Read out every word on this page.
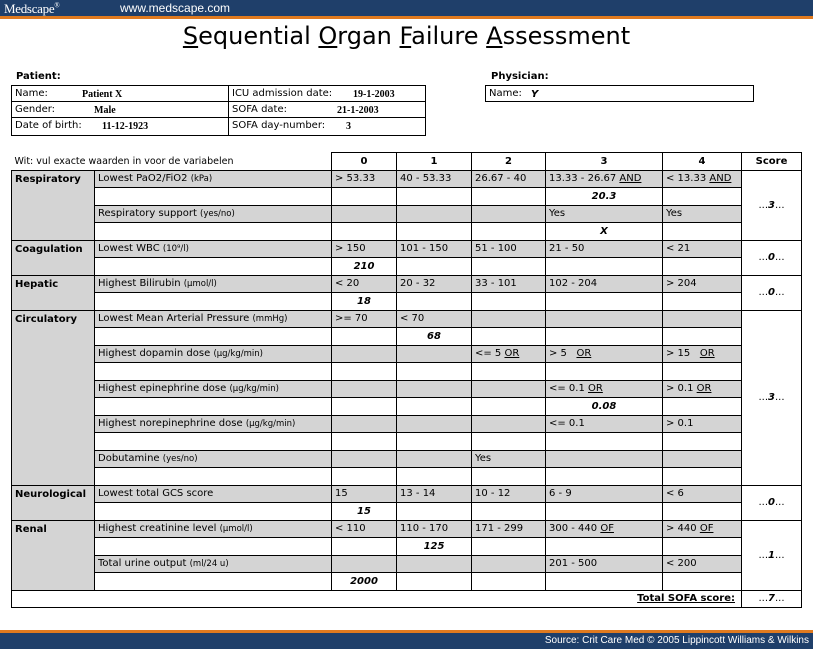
Medscape®	www.medscape.com
Sequential Organ Failure Assessment
Patient:
Name:	Patient X	ICU admission date: 19-1-2003
Gender:	Male	SOFA date:	21-1-2003
Date of birth: 11-12-1923	SOFA day-number: 3
Physician:
Name: Y
Wit: vul exacte waarden in voor de variabelen		0	1	2	3	4	Score
Respiratory	Lowest PaO2/FiO2 (kPa)	> 53.33	40 - 53.33	26.67 - 40	13.33 - 26.67 AND	< 13.33 AND	...3...
					20.3		
	Respiratory support (yes/no)				Yes	Yes	
					X		
Coagulation	Lowest WBC (10⁹/l)	> 150	101 - 150	51 - 100	21 - 50	< 21	...0...
		210					
Hepatic	Highest Bilirubin (µmol/l)	< 20	20 - 32	33 - 101	102 - 204	> 204	...0...
		18					
Circulatory	Lowest Mean Arterial Pressure (mmHg)	>= 70	< 70				...3...
			68				
	Highest dopamin dose (µg/kg/min)			<= 5 OR	> 5   OR	> 15   OR	

	Highest epinephrine dose (µg/kg/min)				<= 0.1 OR	> 0.1 OR	
					0.08		
	Highest norepinephrine dose (µg/kg/min)				<= 0.1	> 0.1	

	Dobutamine (yes/no)			Yes			

Neurological	Lowest total GCS score	15	13 - 14	10 - 12	6 - 9	< 6	...0...
		15					
Renal	Highest creatinine level (µmol/l)	< 110	110 - 170	171 - 299	300 - 440 OF	> 440 OF	...1...
			125				
	Total urine output (ml/24 u)				201 - 500	< 200	
		2000					
Total SOFA score:							...7...
Source: Crit Care Med © 2005 Lippincott Williams & Wilkins
